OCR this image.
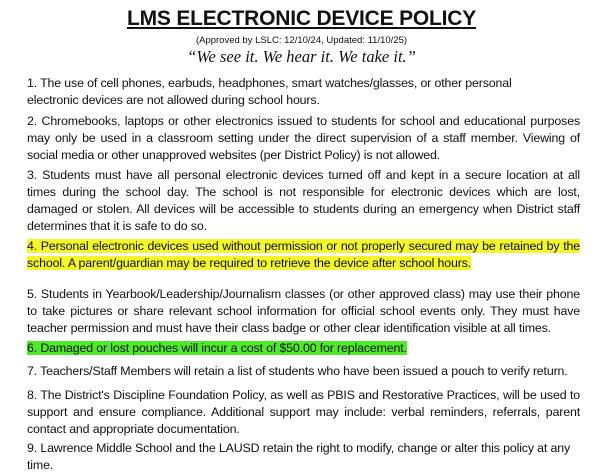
LMS ELECTRONIC DEVICE POLICY
(Approved by LSLC: 12/10/24, Updated: 11/10/25)
“We see it. We hear it. We take it.”
1. The use of cell phones, earbuds, headphones, smart watches/glasses, or other personal electronic devices are not allowed during school hours.
2. Chromebooks, laptops or other electronics issued to students for school and educational purposes may only be used in a classroom setting under the direct supervision of a staff member. Viewing of social media or other unapproved websites (per District Policy) is not allowed.
3. Students must have all personal electronic devices turned off and kept in a secure location at all times during the school day. The school is not responsible for electronic devices which are lost, damaged or stolen. All devices will be accessible to students during an emergency when District staff determines that it is safe to do so.
4. Personal electronic devices used without permission or not properly secured may be retained by the school. A parent/guardian may be required to retrieve the device after school hours.
5. Students in Yearbook/Leadership/Journalism classes (or other approved class) may use their phone to take pictures or share relevant school information for official school events only. They must have teacher permission and must have their class badge or other clear identification visible at all times.
6. Damaged or lost pouches will incur a cost of $50.00 for replacement.
7. Teachers/Staff Members will retain a list of students who have been issued a pouch to verify return.
8. The District's Discipline Foundation Policy, as well as PBIS and Restorative Practices, will be used to support and ensure compliance. Additional support may include: verbal reminders, referrals, parent contact and appropriate documentation.
9. Lawrence Middle School and the LAUSD retain the right to modify, change or alter this policy at any time.
